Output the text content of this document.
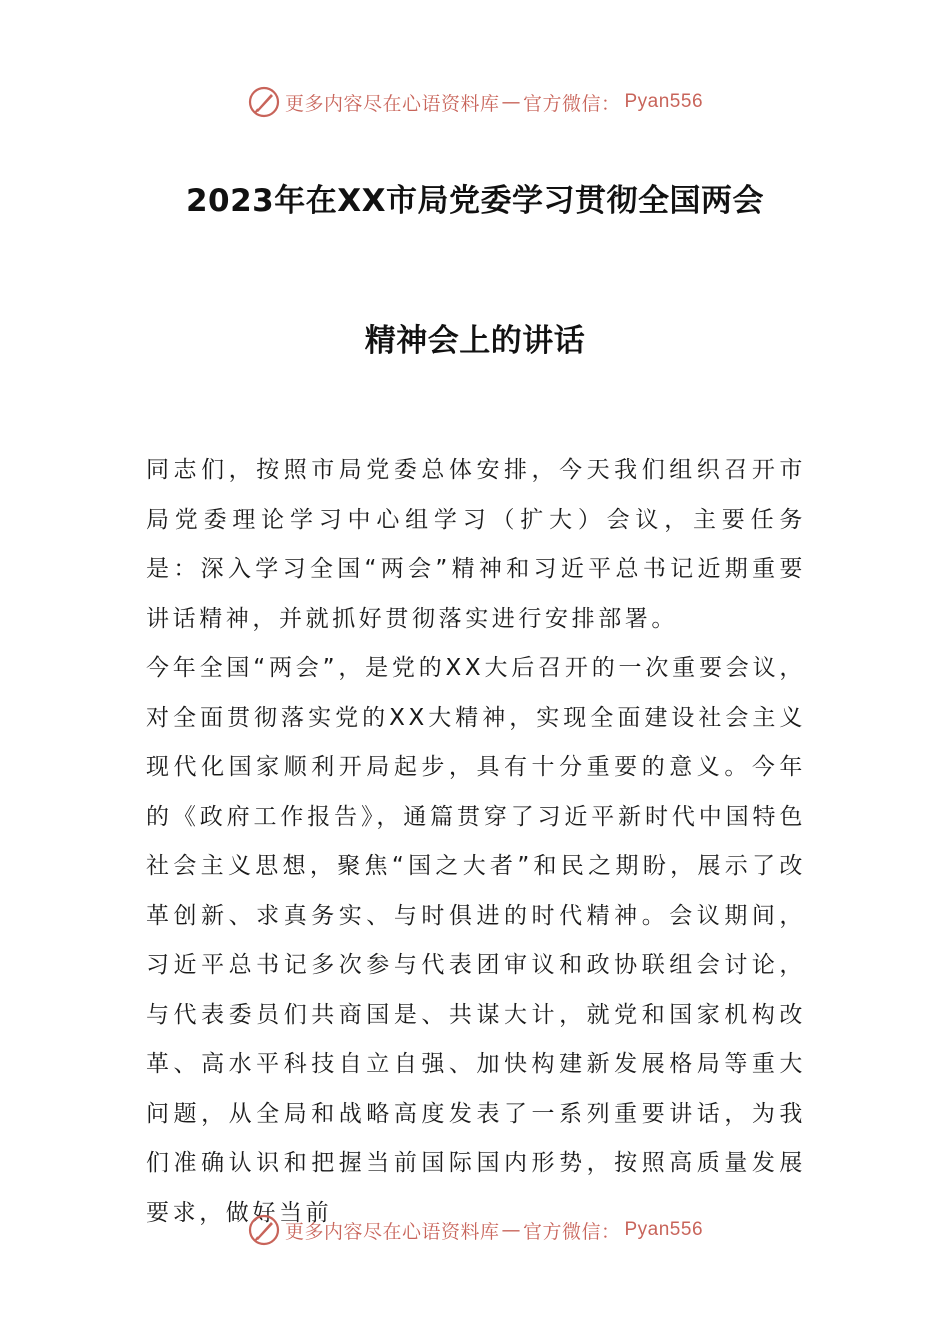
更多内容尽在心语资料库 — 官方微信： Pyan556
2023年在XX市局党委学习贯彻全国两会
精神会上的讲话

同志们，按照市局党委总体安排，今天我们组织召开市局党委理论学习中心组学习（扩大）会议，主要任务是：深入学习全国“两会”精神和习近平总书记近期重要讲话精神，并就抓好贯彻落实进行安排部署。

今年全国“两会”，是党的XX大后召开的一次重要会议，对全面贯彻落实党的XX大精神，实现全面建设社会主义现代化国家顺利开局起步，具有十分重要的意义。今年的《政府工作报告》，通篇贯穿了习近平新时代中国特色社会主义思想，聚焦“国之大者”和民之期盼，展示了改革创新、求真务实、与时俱进的时代精神。会议期间，习近平总书记多次参与代表团审议和政协联组会讨论，与代表委员们共商国是、共谋大计，就党和国家机构改革、高水平科技自立自强、加快构建新发展格局等重大问题，从全局和战略高度发表了一系列重要讲话，为我们准确认识和把握当前国际国内形势，按照高质量发展要求，做好当前

更多内容尽在心语资料库 — 官方微信： Pyan556
